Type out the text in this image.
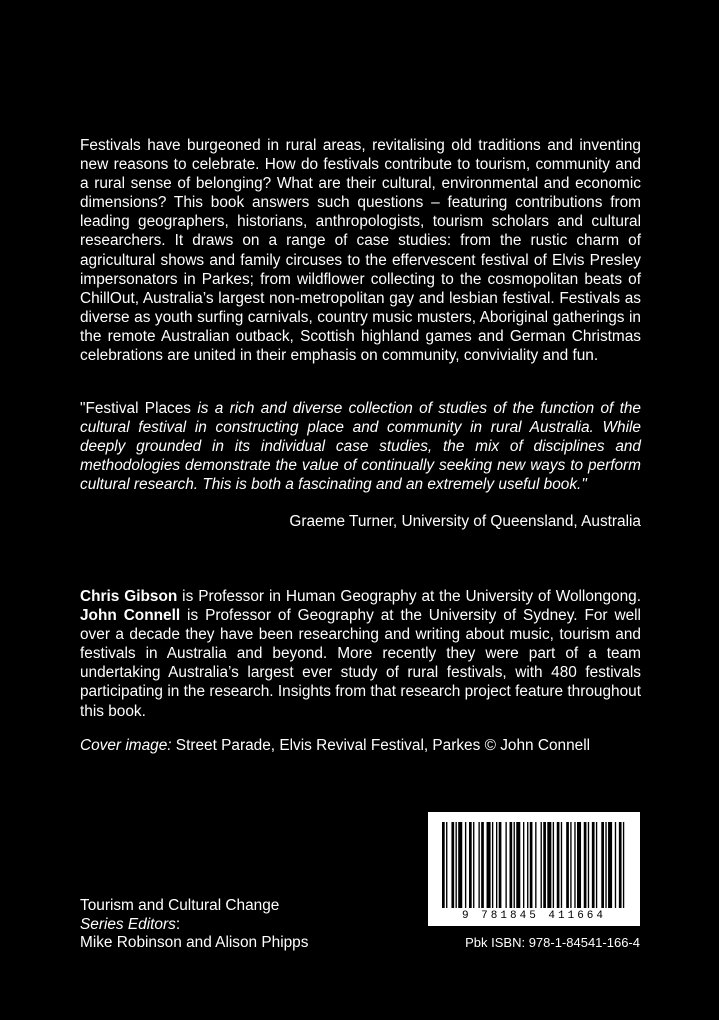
Festivals have burgeoned in rural areas, revitalising old traditions and inventing new reasons to celebrate. How do festivals contribute to tourism, community and a rural sense of belonging? What are their cultural, environmental and economic dimensions? This book answers such questions – featuring contributions from leading geographers, historians, anthropologists, tourism scholars and cultural researchers. It draws on a range of case studies: from the rustic charm of agricultural shows and family circuses to the effervescent festival of Elvis Presley impersonators in Parkes; from wildflower collecting to the cosmopolitan beats of ChillOut, Australia’s largest non-metropolitan gay and lesbian festival. Festivals as diverse as youth surfing carnivals, country music musters, Aboriginal gatherings in the remote Australian outback, Scottish highland games and German Christmas celebrations are united in their emphasis on community, conviviality and fun.

"Festival Places is a rich and diverse collection of studies of the function of the cultural festival in constructing place and community in rural Australia. While deeply grounded in its individual case studies, the mix of disciplines and methodologies demonstrate the value of continually seeking new ways to perform cultural research. This is both a fascinating and an extremely useful book."

Graeme Turner, University of Queensland, Australia

Chris Gibson is Professor in Human Geography at the University of Wollongong. John Connell is Professor of Geography at the University of Sydney. For well over a decade they have been researching and writing about music, tourism and festivals in Australia and beyond. More recently they were part of a team undertaking Australia’s largest ever study of rural festivals, with 480 festivals participating in the research. Insights from that research project feature throughout this book.

Cover image: Street Parade, Elvis Revival Festival, Parkes © John Connell

9 781845 411664
Pbk ISBN: 978-1-84541-166-4
Tourism and Cultural Change
Series Editors:
Mike Robinson and Alison Phipps
